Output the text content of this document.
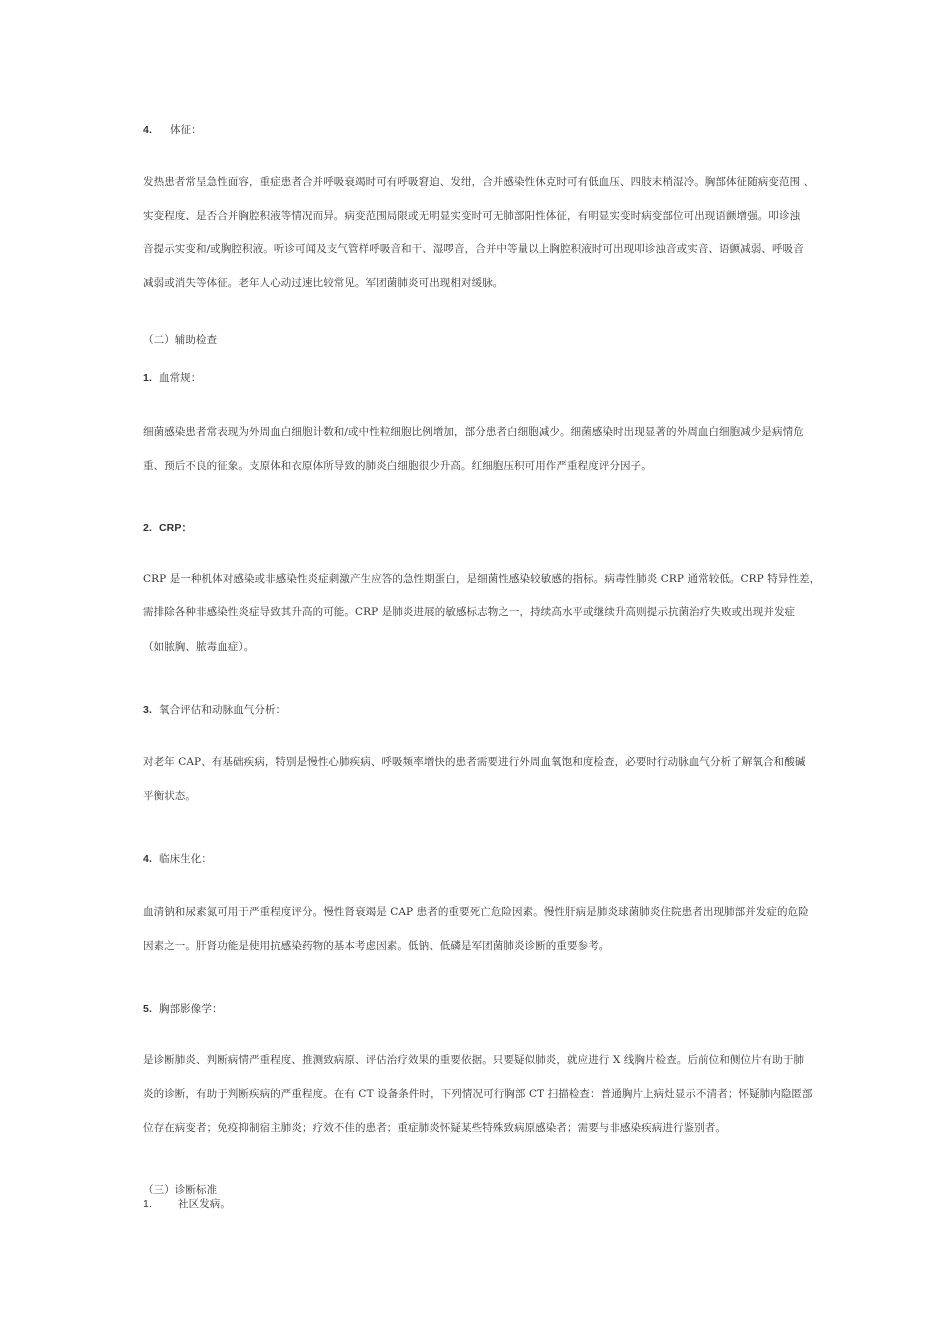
4. 体征：
发热患者常呈急性面容，重症患者合并呼吸衰竭时可有呼吸窘迫、发绀，合并感染性休克时可有低血压、四肢末梢湿冷。胸部体征随病变范围 、
实变程度、是否合并胸腔积液等情况而异。病变范围局限或无明显实变时可无肺部阳性体征，有明显实变时病变部位可出现语颤增强。叩诊浊
音提示实变和/或胸腔积液。听诊可闻及支气管样呼吸音和干、湿啰音，合并中等量以上胸腔积液时可出现叩诊浊音或实音、语颤减弱、呼吸音
减弱或消失等体征。老年人心动过速比较常见。军团菌肺炎可出现相对缓脉。
（二）辅助检查
1. 血常规：
细菌感染患者常表现为外周血白细胞计数和/或中性粒细胞比例增加，部分患者白细胞减少。细菌感染时出现显著的外周血白细胞减少是病情危
重、预后不良的征象。支原体和衣原体所导致的肺炎白细胞很少升高。红细胞压积可用作严重程度评分因子。
2. CRP：
CRP 是一种机体对感染或非感染性炎症刺激产生应答的急性期蛋白，是细菌性感染较敏感的指标。病毒性肺炎 CRP 通常较低。CRP 特异性差，
需排除各种非感染性炎症导致其升高的可能。CRP 是肺炎进展的敏感标志物之一，持续高水平或继续升高则提示抗菌治疗失败或出现并发症
（如脓胸、脓毒血症）。
3. 氧合评估和动脉血气分析：
对老年 CAP、有基础疾病，特别是慢性心肺疾病、呼吸频率增快的患者需要进行外周血氧饱和度检查，必要时行动脉血气分析了解氧合和酸碱
平衡状态。
4. 临床生化：
血清钠和尿素氮可用于严重程度评分。慢性肾衰竭是 CAP 患者的重要死亡危险因素。慢性肝病是肺炎球菌肺炎住院患者出现肺部并发症的危险
因素之一。肝肾功能是使用抗感染药物的基本考虑因素。低钠、低磷是军团菌肺炎诊断的重要参考。
5. 胸部影像学：
是诊断肺炎、判断病情严重程度、推测致病原、评估治疗效果的重要依据。只要疑似肺炎，就应进行 X 线胸片检查。后前位和侧位片有助于肺
炎的诊断，有助于判断疾病的严重程度。在有 CT 设备条件时，下列情况可行胸部 CT 扫描检查：普通胸片上病灶显示不清者；怀疑肺内隐匿部
位存在病变者；免疫抑制宿主肺炎；疗效不佳的患者；重症肺炎怀疑某些特殊致病原感染者；需要与非感染疾病进行鉴别者。
（三）诊断标准
1. 社区发病。
